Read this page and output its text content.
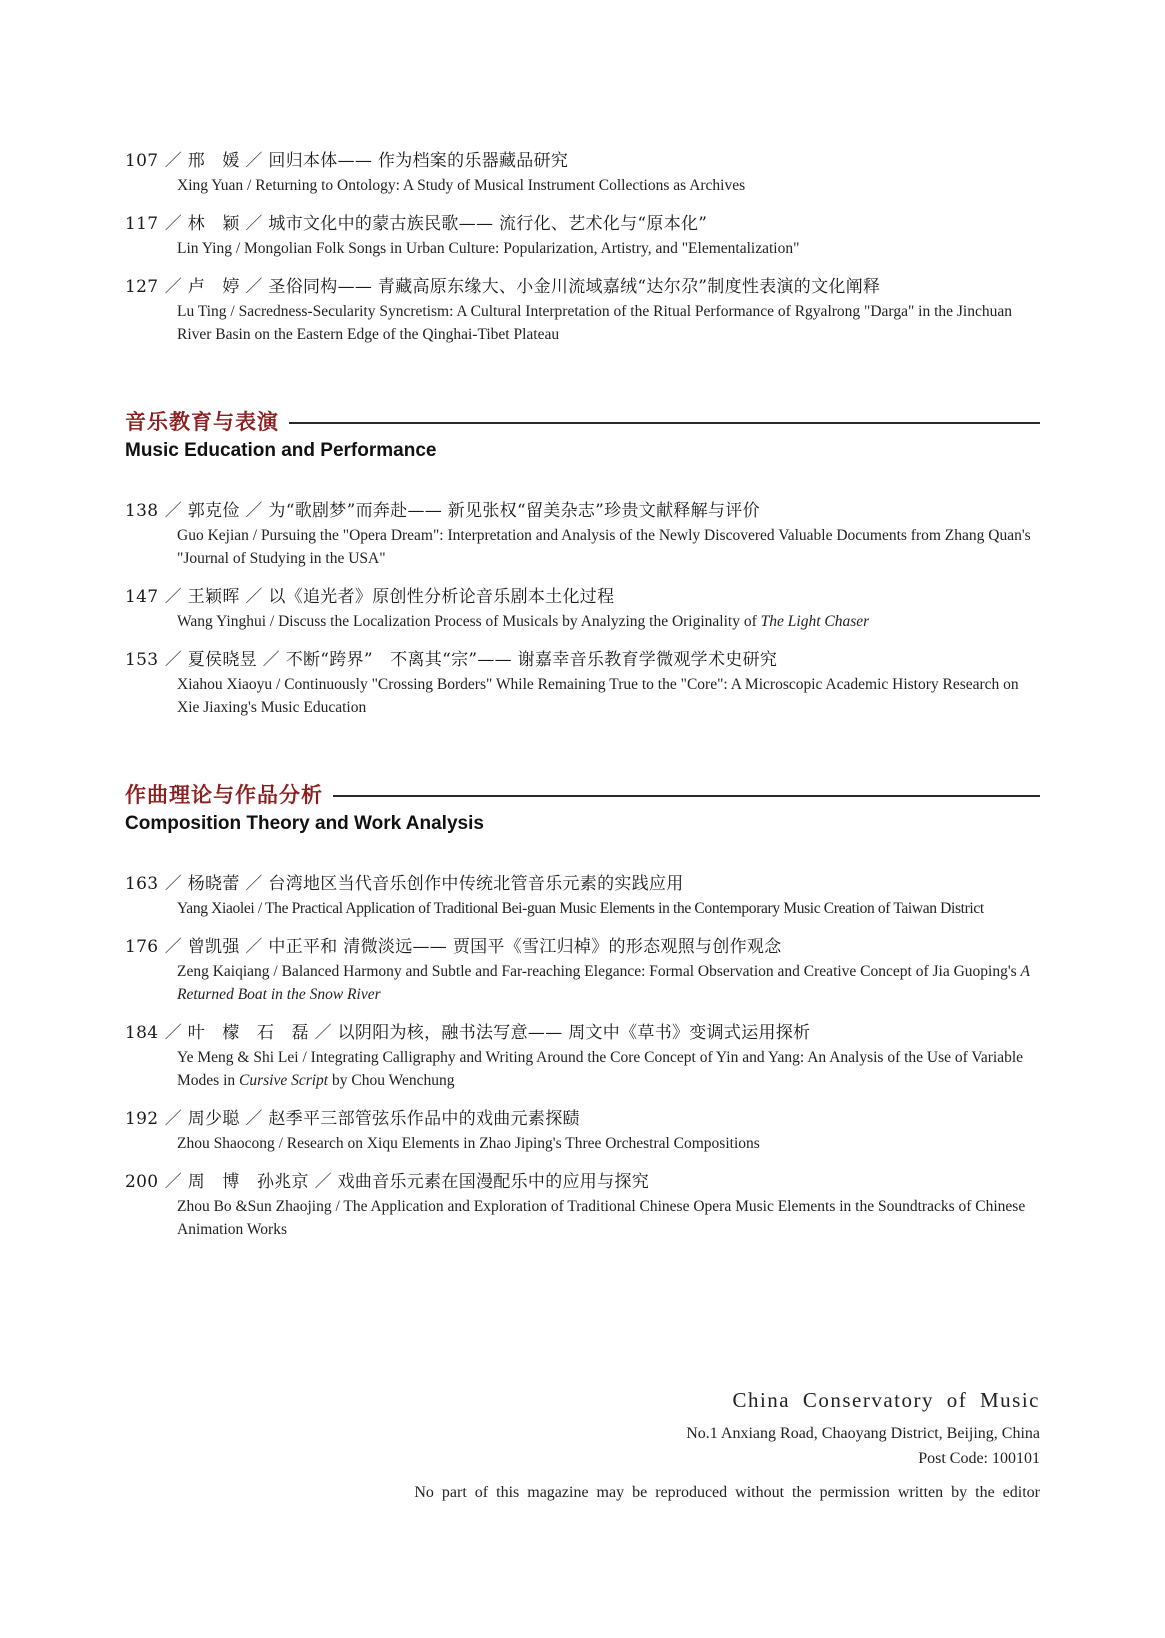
107 ／ 邢　媛 ／ 回归本体—— 作为档案的乐器藏品研究
Xing Yuan / Returning to Ontology: A Study of Musical Instrument Collections as Archives
117 ／ 林　颖 ／ 城市文化中的蒙古族民歌—— 流行化、艺术化与“原本化”
Lin Ying / Mongolian Folk Songs in Urban Culture: Popularization, Artistry, and "Elementalization"
127 ／ 卢　婷 ／ 圣俗同构—— 青藏高原东缘大、小金川流域嘉绒“达尔尕”制度性表演的文化阐释
Lu Ting / Sacredness-Secularity Syncretism: A Cultural Interpretation of the Ritual Performance of Rgyalrong "Darga" in the Jinchuan River Basin on the Eastern Edge of the Qinghai-Tibet Plateau
音乐教育与表演
Music Education and Performance
138 ／ 郭克俭 ／ 为“歌剧梦”而奔赴—— 新见张权“留美杂志”珍贵文献释解与评价
Guo Kejian / Pursuing the "Opera Dream": Interpretation and Analysis of the Newly Discovered Valuable Documents from Zhang Quan's "Journal of Studying in the USA"
147 ／ 王颖晖 ／ 以《追光者》原创性分析论音乐剧本土化过程
Wang Yinghui / Discuss the Localization Process of Musicals by Analyzing the Originality of The Light Chaser
153 ／ 夏侯晓昱 ／ 不断“跨界”　不离其“宗”—— 谢嘉幸音乐教育学微观学术史研究
Xiahou Xiaoyu / Continuously "Crossing Borders" While Remaining True to the "Core": A Microscopic Academic History Research on Xie Jiaxing's Music Education
作曲理论与作品分析
Composition Theory and Work Analysis
163 ／ 杨晓蕾 ／ 台湾地区当代音乐创作中传统北管音乐元素的实践应用
Yang Xiaolei / The Practical Application of Traditional Bei-guan Music Elements in the Contemporary Music Creation of Taiwan District
176 ／ 曾凯强 ／ 中正平和 清微淡远—— 贾国平《雪江归棹》的形态观照与创作观念
Zeng Kaiqiang / Balanced Harmony and Subtle and Far-reaching Elegance: Formal Observation and Creative Concept of Jia Guoping's A Returned Boat in the Snow River
184 ／ 叶　檬　石　磊 ／ 以阴阳为核，融书法写意—— 周文中《草书》变调式运用探析
Ye Meng & Shi Lei / Integrating Calligraphy and Writing Around the Core Concept of Yin and Yang: An Analysis of the Use of Variable Modes in Cursive Script by Chou Wenchung
192 ／ 周少聪 ／ 赵季平三部管弦乐作品中的戏曲元素探赜
Zhou Shaocong / Research on Xiqu Elements in Zhao Jiping's Three Orchestral Compositions
200 ／ 周　博　孙兆京 ／ 戏曲音乐元素在国漫配乐中的应用与探究
Zhou Bo &Sun Zhaojing / The Application and Exploration of Traditional Chinese Opera Music Elements in the Soundtracks of Chinese Animation Works
China Conservatory of Music
No.1 Anxiang Road, Chaoyang District, Beijing, China
Post Code: 100101
No part of this magazine may be reproduced without the permission written by the editor
